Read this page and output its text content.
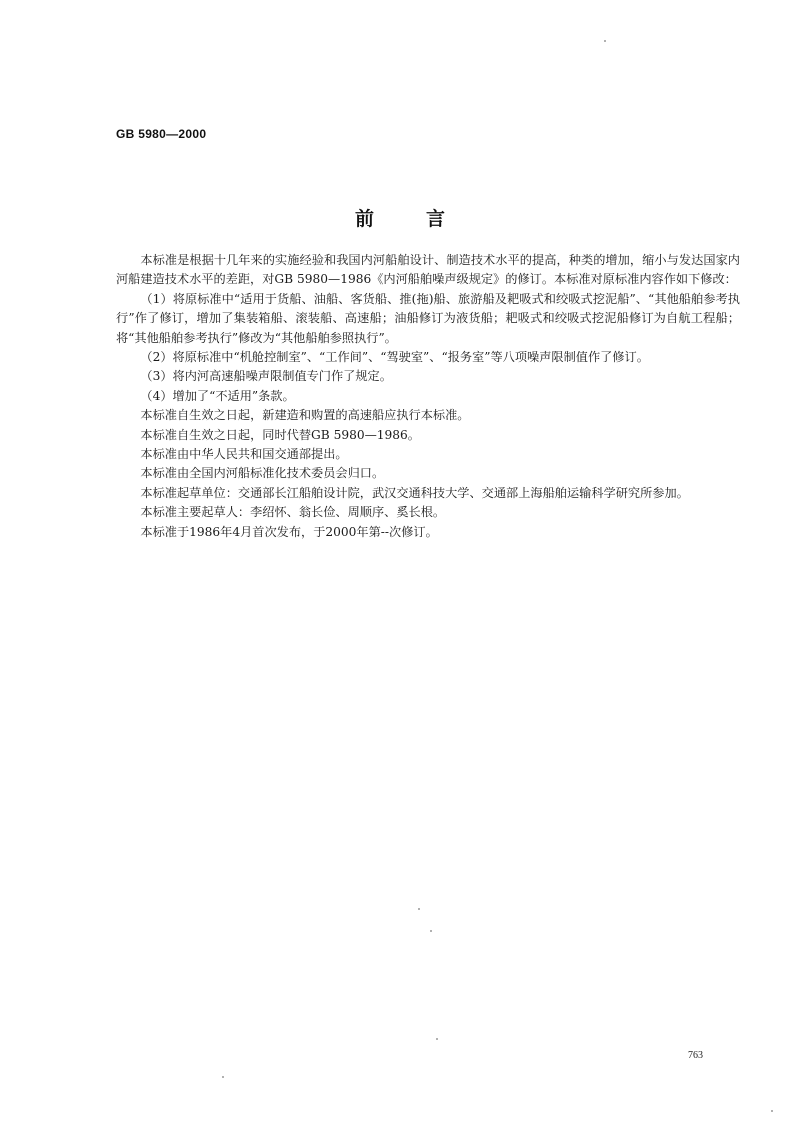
GB 5980—2000
前言

本标准是根据十几年来的实施经验和我国内河船舶设计、制造技术水平的提高，种类的增加，缩小与发达国家内河船建造技术水平的差距，对GB 5980—1986《内河船舶噪声级规定》的修订。本标准对原标准内容作如下修改：

（1）将原标准中“适用于货船、油船、客货船、推(拖)船、旅游船及耙吸式和绞吸式挖泥船”、“其他船舶参考执行”作了修订，增加了集装箱船、滚装船、高速船；油船修订为液货船；耙吸式和绞吸式挖泥船修订为自航工程船；将“其他船舶参考执行”修改为“其他船舶参照执行”。

（2）将原标准中“机舱控制室”、“工作间”、“驾驶室”、“报务室”等八项噪声限制值作了修订。

（3）将内河高速船噪声限制值专门作了规定。

（4）增加了“不适用”条款。

本标准自生效之日起，新建造和购置的高速船应执行本标准。

本标准自生效之日起，同时代替GB 5980—1986。

本标准由中华人民共和国交通部提出。

本标准由全国内河船标准化技术委员会归口。

本标准起草单位：交通部长江船舶设计院，武汉交通科技大学、交通部上海船舶运输科学研究所参加。

本标准主要起草人：李绍怀、翁长俭、周顺序、奚长根。

本标准于1986年4月首次发布，于2000年第--次修订。

763
